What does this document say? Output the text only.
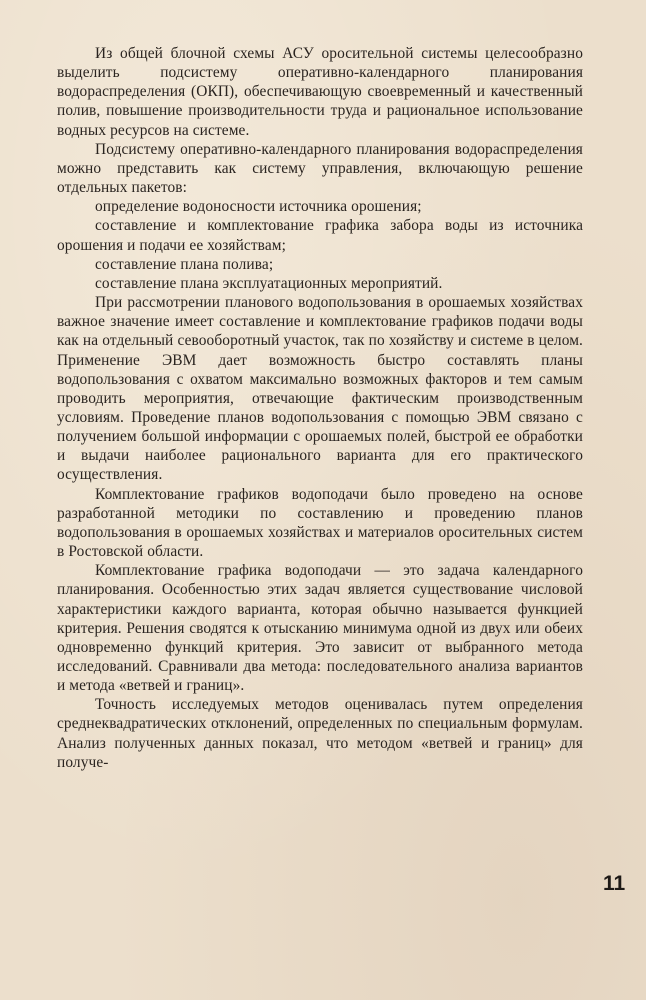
Из общей блочной схемы АСУ оросительной системы целесообразно выделить подсистему оперативно-календарного планирования водораспределения (ОКП), обеспечивающую своевременный и качественный полив, повышение производительности труда и рациональное использование водных ресурсов на системе.

Подсистему оперативно-календарного планирования водораспределения можно представить как систему управления, включающую решение отдельных пакетов:

определение водоносности источника орошения;

составление и комплектование графика забора воды из источника орошения и подачи ее хозяйствам;

составление плана полива;

составление плана эксплуатационных мероприятий.

При рассмотрении планового водопользования в орошаемых хозяйствах важное значение имеет составление и комплектование графиков подачи воды как на отдельный севооборотный участок, так по хозяйству и системе в целом. Применение ЭВМ дает возможность быстро составлять планы водопользования с охватом максимально возможных факторов и тем самым проводить мероприятия, отвечающие фактическим производственным условиям. Проведение планов водопользования с помощью ЭВМ связано с получением большой информации с орошаемых полей, быстрой ее обработки и выдачи наиболее рационального варианта для его практического осуществления.

Комплектование графиков водоподачи было проведено на основе разработанной методики по составлению и проведению планов водопользования в орошаемых хозяйствах и материалов оросительных систем в Ростовской области.

Комплектование графика водоподачи — это задача календарного планирования. Особенностью этих задач является существование числовой характеристики каждого варианта, которая обычно называется функцией критерия. Решения сводятся к отысканию минимума одной из двух или обеих одновременно функций критерия. Это зависит от выбранного метода исследований. Сравнивали два метода: последовательного анализа вариантов и метода «ветвей и границ».

Точность исследуемых методов оценивалась путем определения среднеквадратических отклонений, определенных по специальным формулам. Анализ полученных данных показал, что методом «ветвей и границ» для получе-

11
